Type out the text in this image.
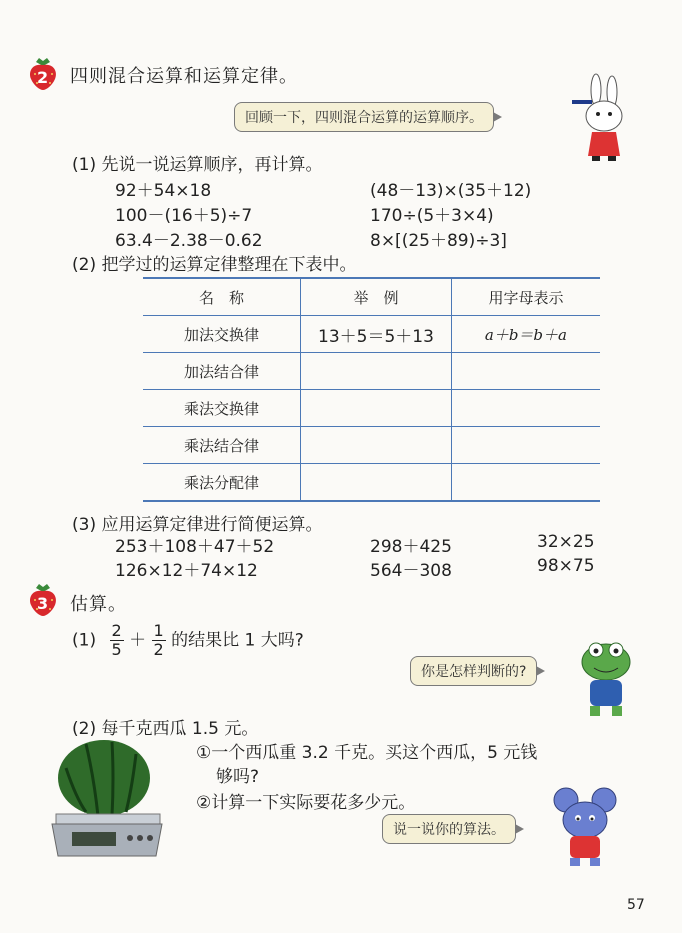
2 四则混合运算和运算定律。
回顾一下，四则混合运算的运算顺序。
(1) 先说一说运算顺序，再计算。
92＋54×18
100－(16＋5)÷7
63.4－2.38－0.62
(48－13)×(35＋12)
170÷(5＋3×4)
8×[(25＋89)÷3]
(2) 把学过的运算定律整理在下表中。
名　称	举　例	用字母表示
加法交换律	13＋5＝5＋13	a＋b＝b＋a
加法结合律		
乘法交换律		
乘法结合律		
乘法分配律		
(3) 应用运算定律进行简便运算。
253＋108＋47＋52	298＋425	32×25
126×12＋74×12	564－308	98×75
3 估算。
$(1) \frac{2}{5} + \frac{1}{2}$ 的结果比 1 大吗?
你是怎样判断的?
(2) 每千克西瓜 1.5 元。
①一个西瓜重 3.2 千克。买这个西瓜，5 元钱
够吗?
②计算一下实际要花多少元。
说一说你的算法。
57
